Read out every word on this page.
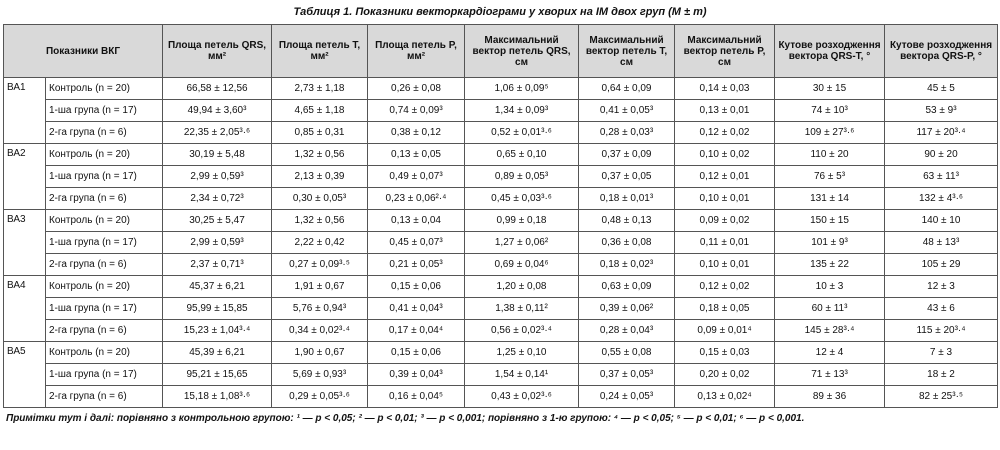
Таблиця 1. Показники векторкардіограми у хворих на ІМ двох груп (M ± m)
Показники ВКГ		Площа петель QRS, мм²	Площа петель T, мм²	Площа петель P, мм²	Максимальний вектор петель QRS, см	Максимальний вектор петель T, см	Максимальний вектор петель P, см	Кутове розходження векторa QRS-T, °	Кутове розходження векторa QRS-P, °
ВА1	Контроль (n = 20)	66,58 ± 12,56	2,73 ± 1,18	0,26 ± 0,08	1,06 ± 0,09⁵	0,64 ± 0,09	0,14 ± 0,03	30 ± 15	45 ± 5
	1-ша група (n = 17)	49,94 ± 3,60³	4,65 ± 1,18	0,74 ± 0,09³	1,34 ± 0,09³	0,41 ± 0,05³	0,13 ± 0,01	74 ± 10³	53 ± 9³
	2-га група (n = 6)	22,35 ± 2,05³·⁶	0,85 ± 0,31	0,38 ± 0,12	0,52 ± 0,01³·⁶	0,28 ± 0,03³	0,12 ± 0,02	109 ± 27³·⁶	117 ± 20³·⁴
ВА2	Контроль (n = 20)	30,19 ± 5,48	1,32 ± 0,56	0,13 ± 0,05	0,65 ± 0,10	0,37 ± 0,09	0,10 ± 0,02	110 ± 20	90 ± 20
	1-ша група (n = 17)	2,99 ± 0,59³	2,13 ± 0,39	0,49 ± 0,07³	0,89 ± 0,05³	0,37 ± 0,05	0,12 ± 0,01	76 ± 5³	63 ± 11³
	2-га група (n = 6)	2,34 ± 0,72³	0,30 ± 0,05³	0,23 ± 0,06²·⁴	0,45 ± 0,03³·⁶	0,18 ± 0,01³	0,10 ± 0,01	131 ± 14	132 ± 4³·⁶
ВА3	Контроль (n = 20)	30,25 ± 5,47	1,32 ± 0,56	0,13 ± 0,04	0,99 ± 0,18	0,48 ± 0,13	0,09 ± 0,02	150 ± 15	140 ± 10
	1-ша група (n = 17)	2,99 ± 0,59³	2,22 ± 0,42	0,45 ± 0,07³	1,27 ± 0,06²	0,36 ± 0,08	0,11 ± 0,01	101 ± 9³	48 ± 13³
	2-га група (n = 6)	2,37 ± 0,71³	0,27 ± 0,09³·⁵	0,21 ± 0,05³	0,69 ± 0,04⁶	0,18 ± 0,02³	0,10 ± 0,01	135 ± 22	105 ± 29
ВА4	Контроль (n = 20)	45,37 ± 6,21	1,91 ± 0,67	0,15 ± 0,06	1,20 ± 0,08	0,63 ± 0,09	0,12 ± 0,02	10 ± 3	12 ± 3
	1-ша група (n = 17)	95,99 ± 15,85	5,76 ± 0,94³	0,41 ± 0,04³	1,38 ± 0,11²	0,39 ± 0,06²	0,18 ± 0,05	60 ± 11³	43 ± 6
	2-га група (n = 6)	15,23 ± 1,04³·⁴	0,34 ± 0,02³·⁴	0,17 ± 0,04⁴	0,56 ± 0,02³·⁴	0,28 ± 0,04³	0,09 ± 0,01⁴	145 ± 28³·⁴	115 ± 20³·⁴
ВА5	Контроль (n = 20)	45,39 ± 6,21	1,90 ± 0,67	0,15 ± 0,06	1,25 ± 0,10	0,55 ± 0,08	0,15 ± 0,03	12 ± 4	7 ± 3
	1-ша група (n = 17)	95,21 ± 15,65	5,69 ± 0,93³	0,39 ± 0,04³	1,54 ± 0,14¹	0,37 ± 0,05³	0,20 ± 0,02	71 ± 13³	18 ± 2
	2-га група (n = 6)	15,18 ± 1,08³·⁶	0,29 ± 0,05³·⁶	0,16 ± 0,04⁵	0,43 ± 0,02³·⁶	0,24 ± 0,05³	0,13 ± 0,02⁴	89 ± 36	82 ± 25³·⁵
Примітки тут і далі: порівняно з контрольною групою: ¹ — p < 0,05; ² — p < 0,01; ³ — p < 0,001; порівняно з 1-ю групою: ⁴ — p < 0,05; ⁵ — p < 0,01; ⁶ — p < 0,001.
